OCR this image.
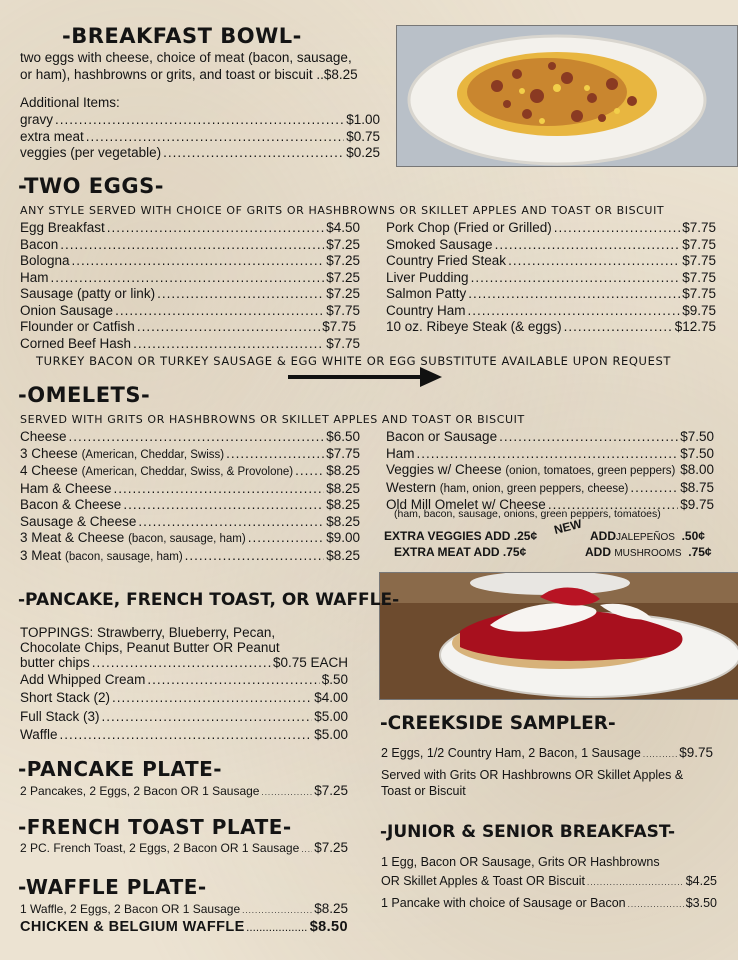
-BREAKFAST BOWL-
two eggs with cheese, choice of meat (bacon, sausage,
or ham), hashbrowns or grits, and toast or biscuit ..$8.25
Additional Items:
gravy .....	$1.00
extra meat .....	$0.75
veggies (per vegetable) .....	$0.25
-TWO EGGS-
ANY STYLE SERVED WITH CHOICE OF GRITS OR HASHBROWNS OR SKILLET APPLES AND TOAST OR BISCUIT
Egg Breakfast .....	$4.50
Bacon .....	$7.25
Bologna .....	$7.25
Ham .....	$7.25
Sausage (patty or link) .....	$7.25
Onion Sausage .....	$7.75
Flounder or Catfish .....	$7.75
Corned Beef Hash .....	$7.75
Pork Chop (Fried or Grilled) .....	$7.75
Smoked Sausage .....	$7.75
Country Fried Steak .....	$7.75
Liver Pudding .....	$7.75
Salmon Patty .....	$7.75
Country Ham .....	$9.75
10 oz. Ribeye Steak (& eggs) .....	$12.75
TURKEY BACON OR TURKEY SAUSAGE & EGG WHITE OR EGG SUBSTITUTE AVAILABLE UPON REQUEST
-OMELETS-
SERVED WITH GRITS OR HASHBROWNS OR SKILLET APPLES AND TOAST OR BISCUIT
Cheese .....	$6.50
3 Cheese (American, Cheddar, Swiss) .....	$7.75
4 Cheese (American, Cheddar, Swiss, & Provolone) ..... $8.25
Ham & Cheese .....	$8.25
Bacon & Cheese .....	$8.25
Sausage & Cheese .....	$8.25
3 Meat & Cheese (bacon, sausage, ham) .....	$9.00
3 Meat (bacon, sausage, ham) .....	$8.25
Bacon or Sausage .....	$7.50
Ham .....	$7.50
Veggies w/ Cheese (onion, tomatoes, green peppers) ..... $8.00
Western (ham, onion, green peppers, cheese) .....	$8.75
Old Mill Omelet w/ Cheese .....	$9.75
(ham, bacon, sausage, onions, green peppers, tomatoes)
EXTRA VEGGIES ADD .25¢
EXTRA MEAT ADD .75¢
NEW ADDJALEPEÑOS .50¢
ADD MUSHROOMS .75¢
-PANCAKE, FRENCH TOAST, OR WAFFLE-
TOPPINGS: Strawberry, Blueberry, Pecan,
Chocolate Chips, Peanut Butter OR Peanut
butter chips .....	$0.75 EACH
Add Whipped Cream .....	$.50
Short Stack (2) .....	$4.00
Full Stack (3) .....	$5.00
Waffle .....	$5.00
-PANCAKE PLATE-
2 Pancakes, 2 Eggs, 2 Bacon OR 1 Sausage .....	$7.25
-FRENCH TOAST PLATE-
2 PC. French Toast, 2 Eggs, 2 Bacon OR 1 Sausage ..... $7.25
-WAFFLE PLATE-
1 Waffle, 2 Eggs, 2 Bacon OR 1 Sausage .....	$8.25
CHICKEN & BELGIUM WAFFLE .....	$8.50
-CREEKSIDE SAMPLER-
2 Eggs, 1/2 Country Ham, 2 Bacon, 1 Sausage .....	$9.75
Served with Grits OR Hashbrowns OR Skillet Apples &
Toast or Biscuit
-JUNIOR & SENIOR BREAKFAST-
1 Egg, Bacon OR Sausage, Grits OR Hashbrowns
OR Skillet Apples & Toast OR Biscuit .....	$4.25
1 Pancake with choice of Sausage or Bacon .....	$3.50
